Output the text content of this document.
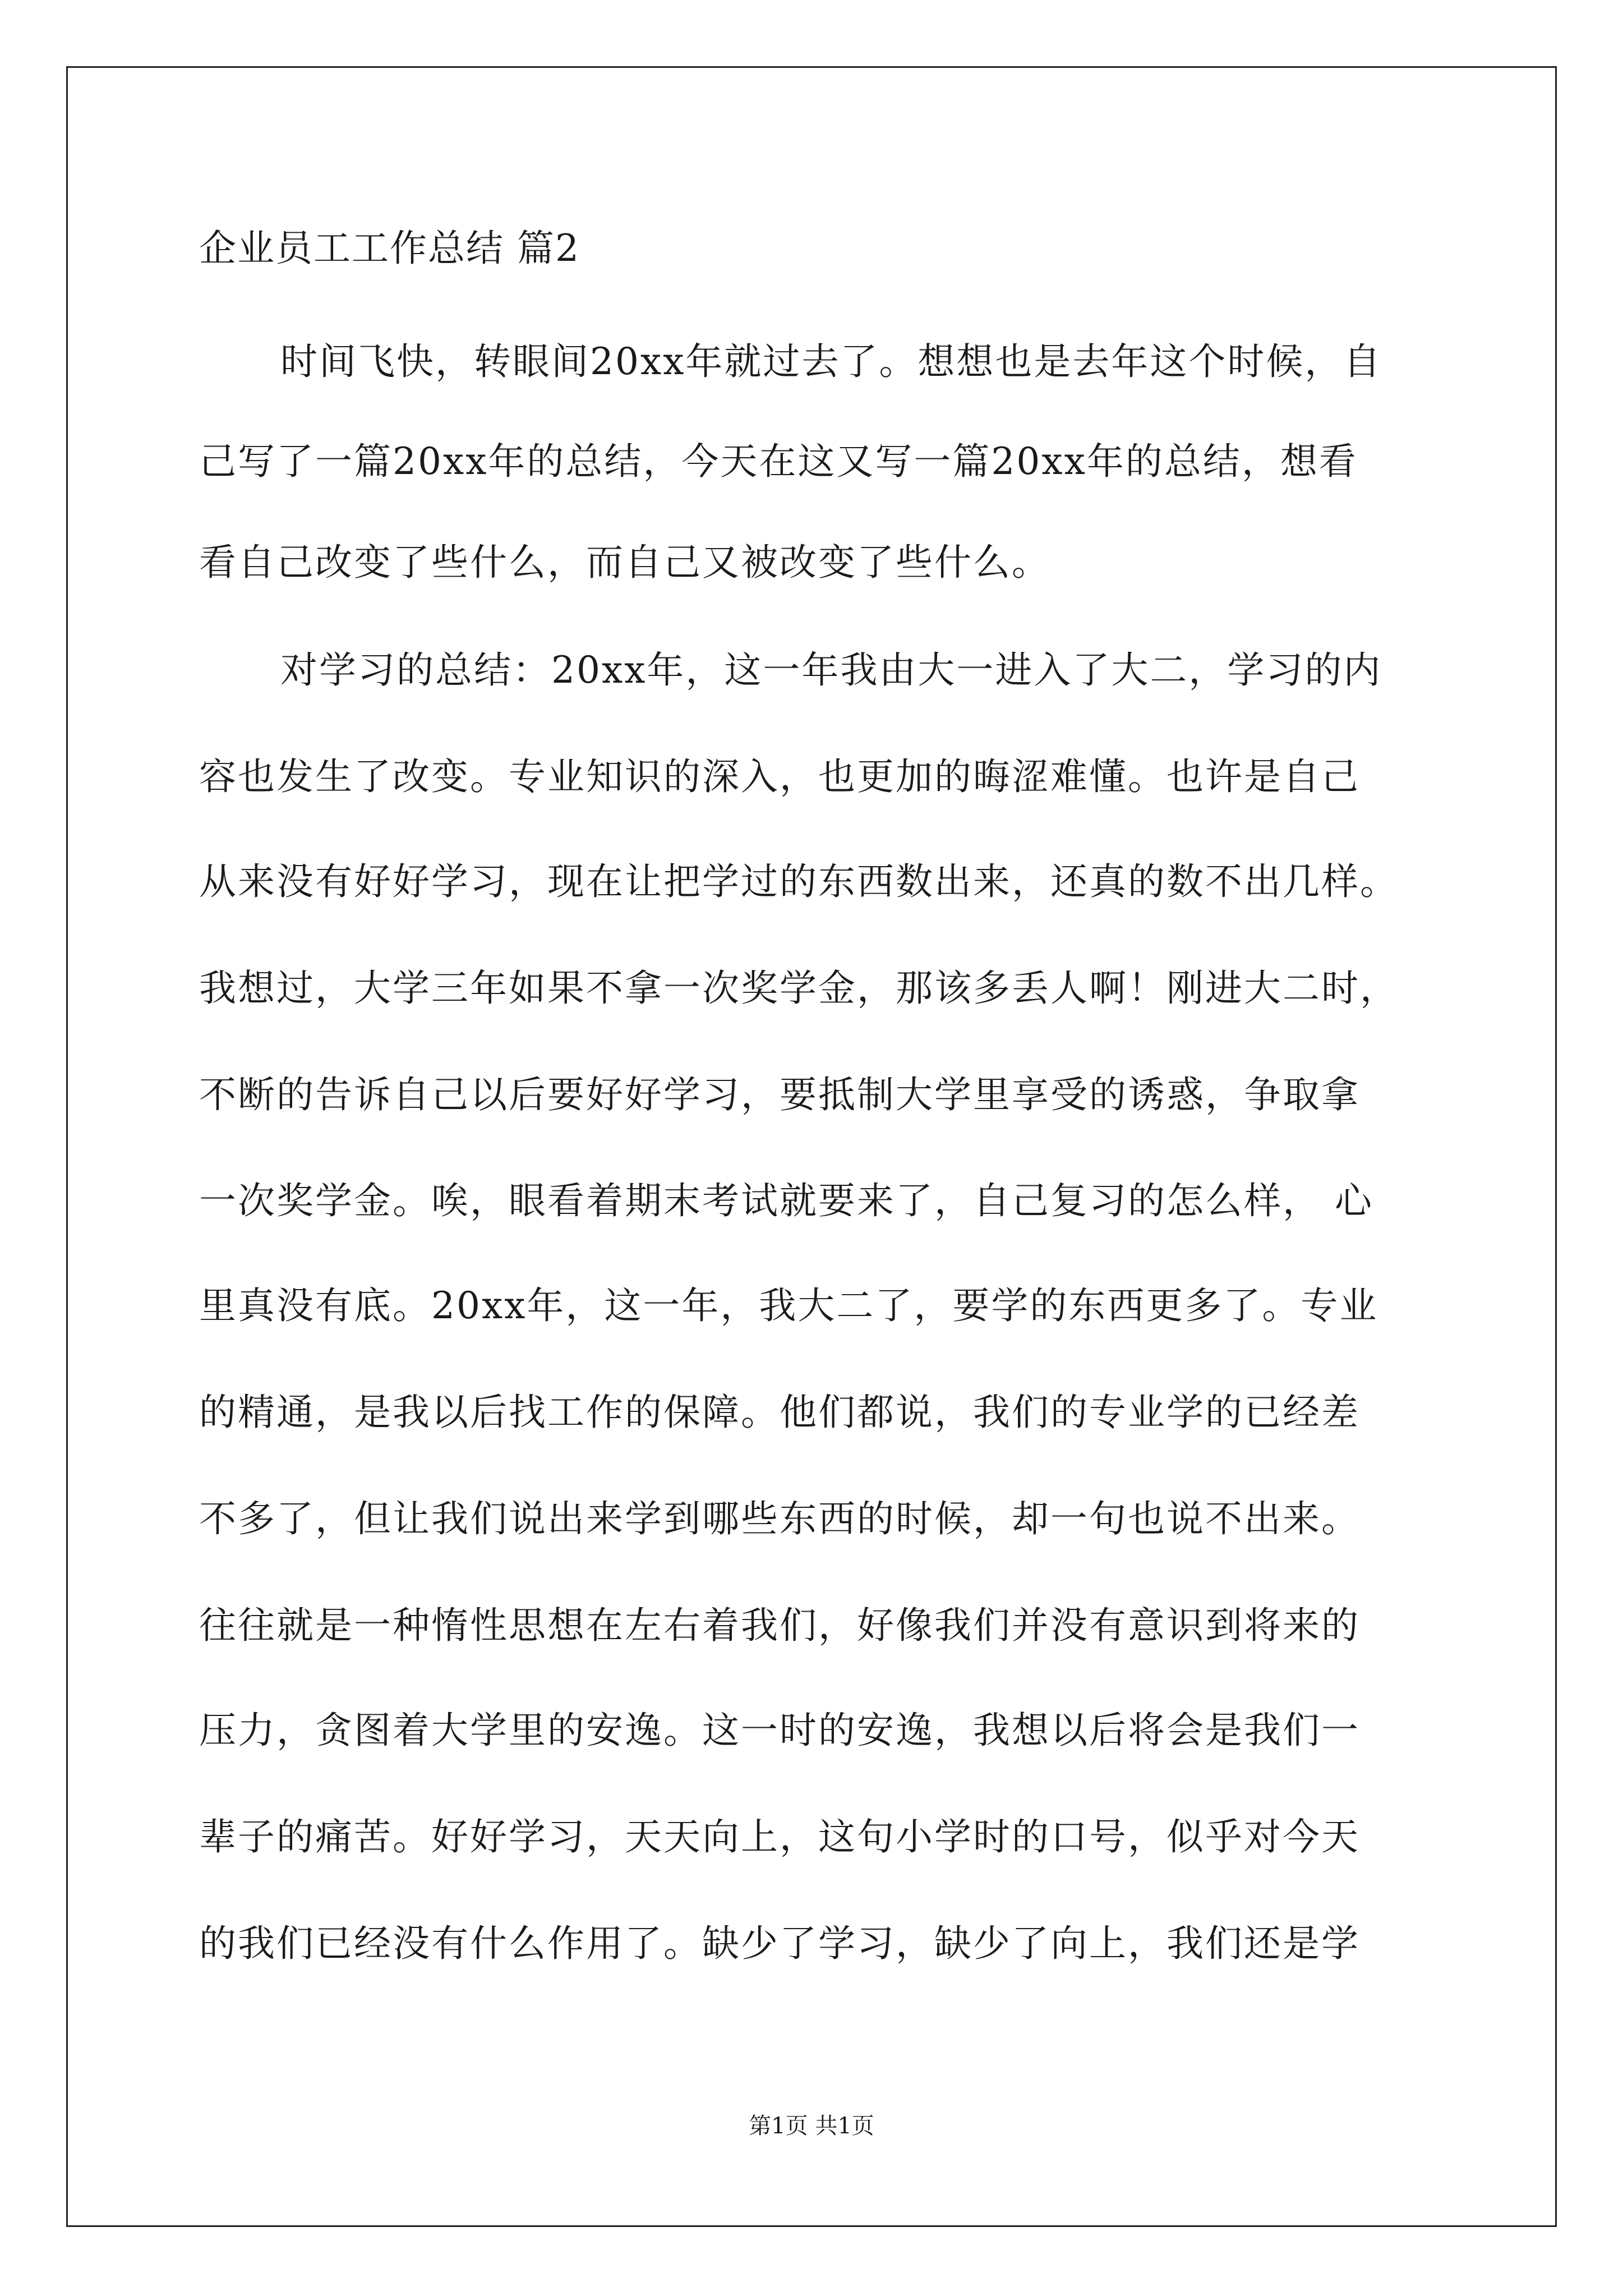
企业员工工作总结 篇2
时间飞快，转眼间20xx年就过去了。想想也是去年这个时候，自
己写了一篇20xx年的总结，今天在这又写一篇20xx年的总结，想看
看自己改变了些什么，而自己又被改变了些什么。
对学习的总结：20xx年，这一年我由大一进入了大二，学习的内
容也发生了改变。专业知识的深入，也更加的晦涩难懂。也许是自己
从来没有好好学习，现在让把学过的东西数出来，还真的数不出几样。
我想过，大学三年如果不拿一次奖学金，那该多丢人啊！刚进大二时，
不断的告诉自己以后要好好学习，要抵制大学里享受的诱惑，争取拿
一次奖学金。唉，眼看着期末考试就要来了，自己复习的怎么样， 心
里真没有底。20xx年，这一年，我大二了，要学的东西更多了。专业
的精通，是我以后找工作的保障。他们都说，我们的专业学的已经差
不多了，但让我们说出来学到哪些东西的时候，却一句也说不出来。
往往就是一种惰性思想在左右着我们，好像我们并没有意识到将来的
压力，贪图着大学里的安逸。这一时的安逸，我想以后将会是我们一
辈子的痛苦。好好学习，天天向上，这句小学时的口号，似乎对今天
的我们已经没有什么作用了。缺少了学习，缺少了向上，我们还是学
第1页 共1页
